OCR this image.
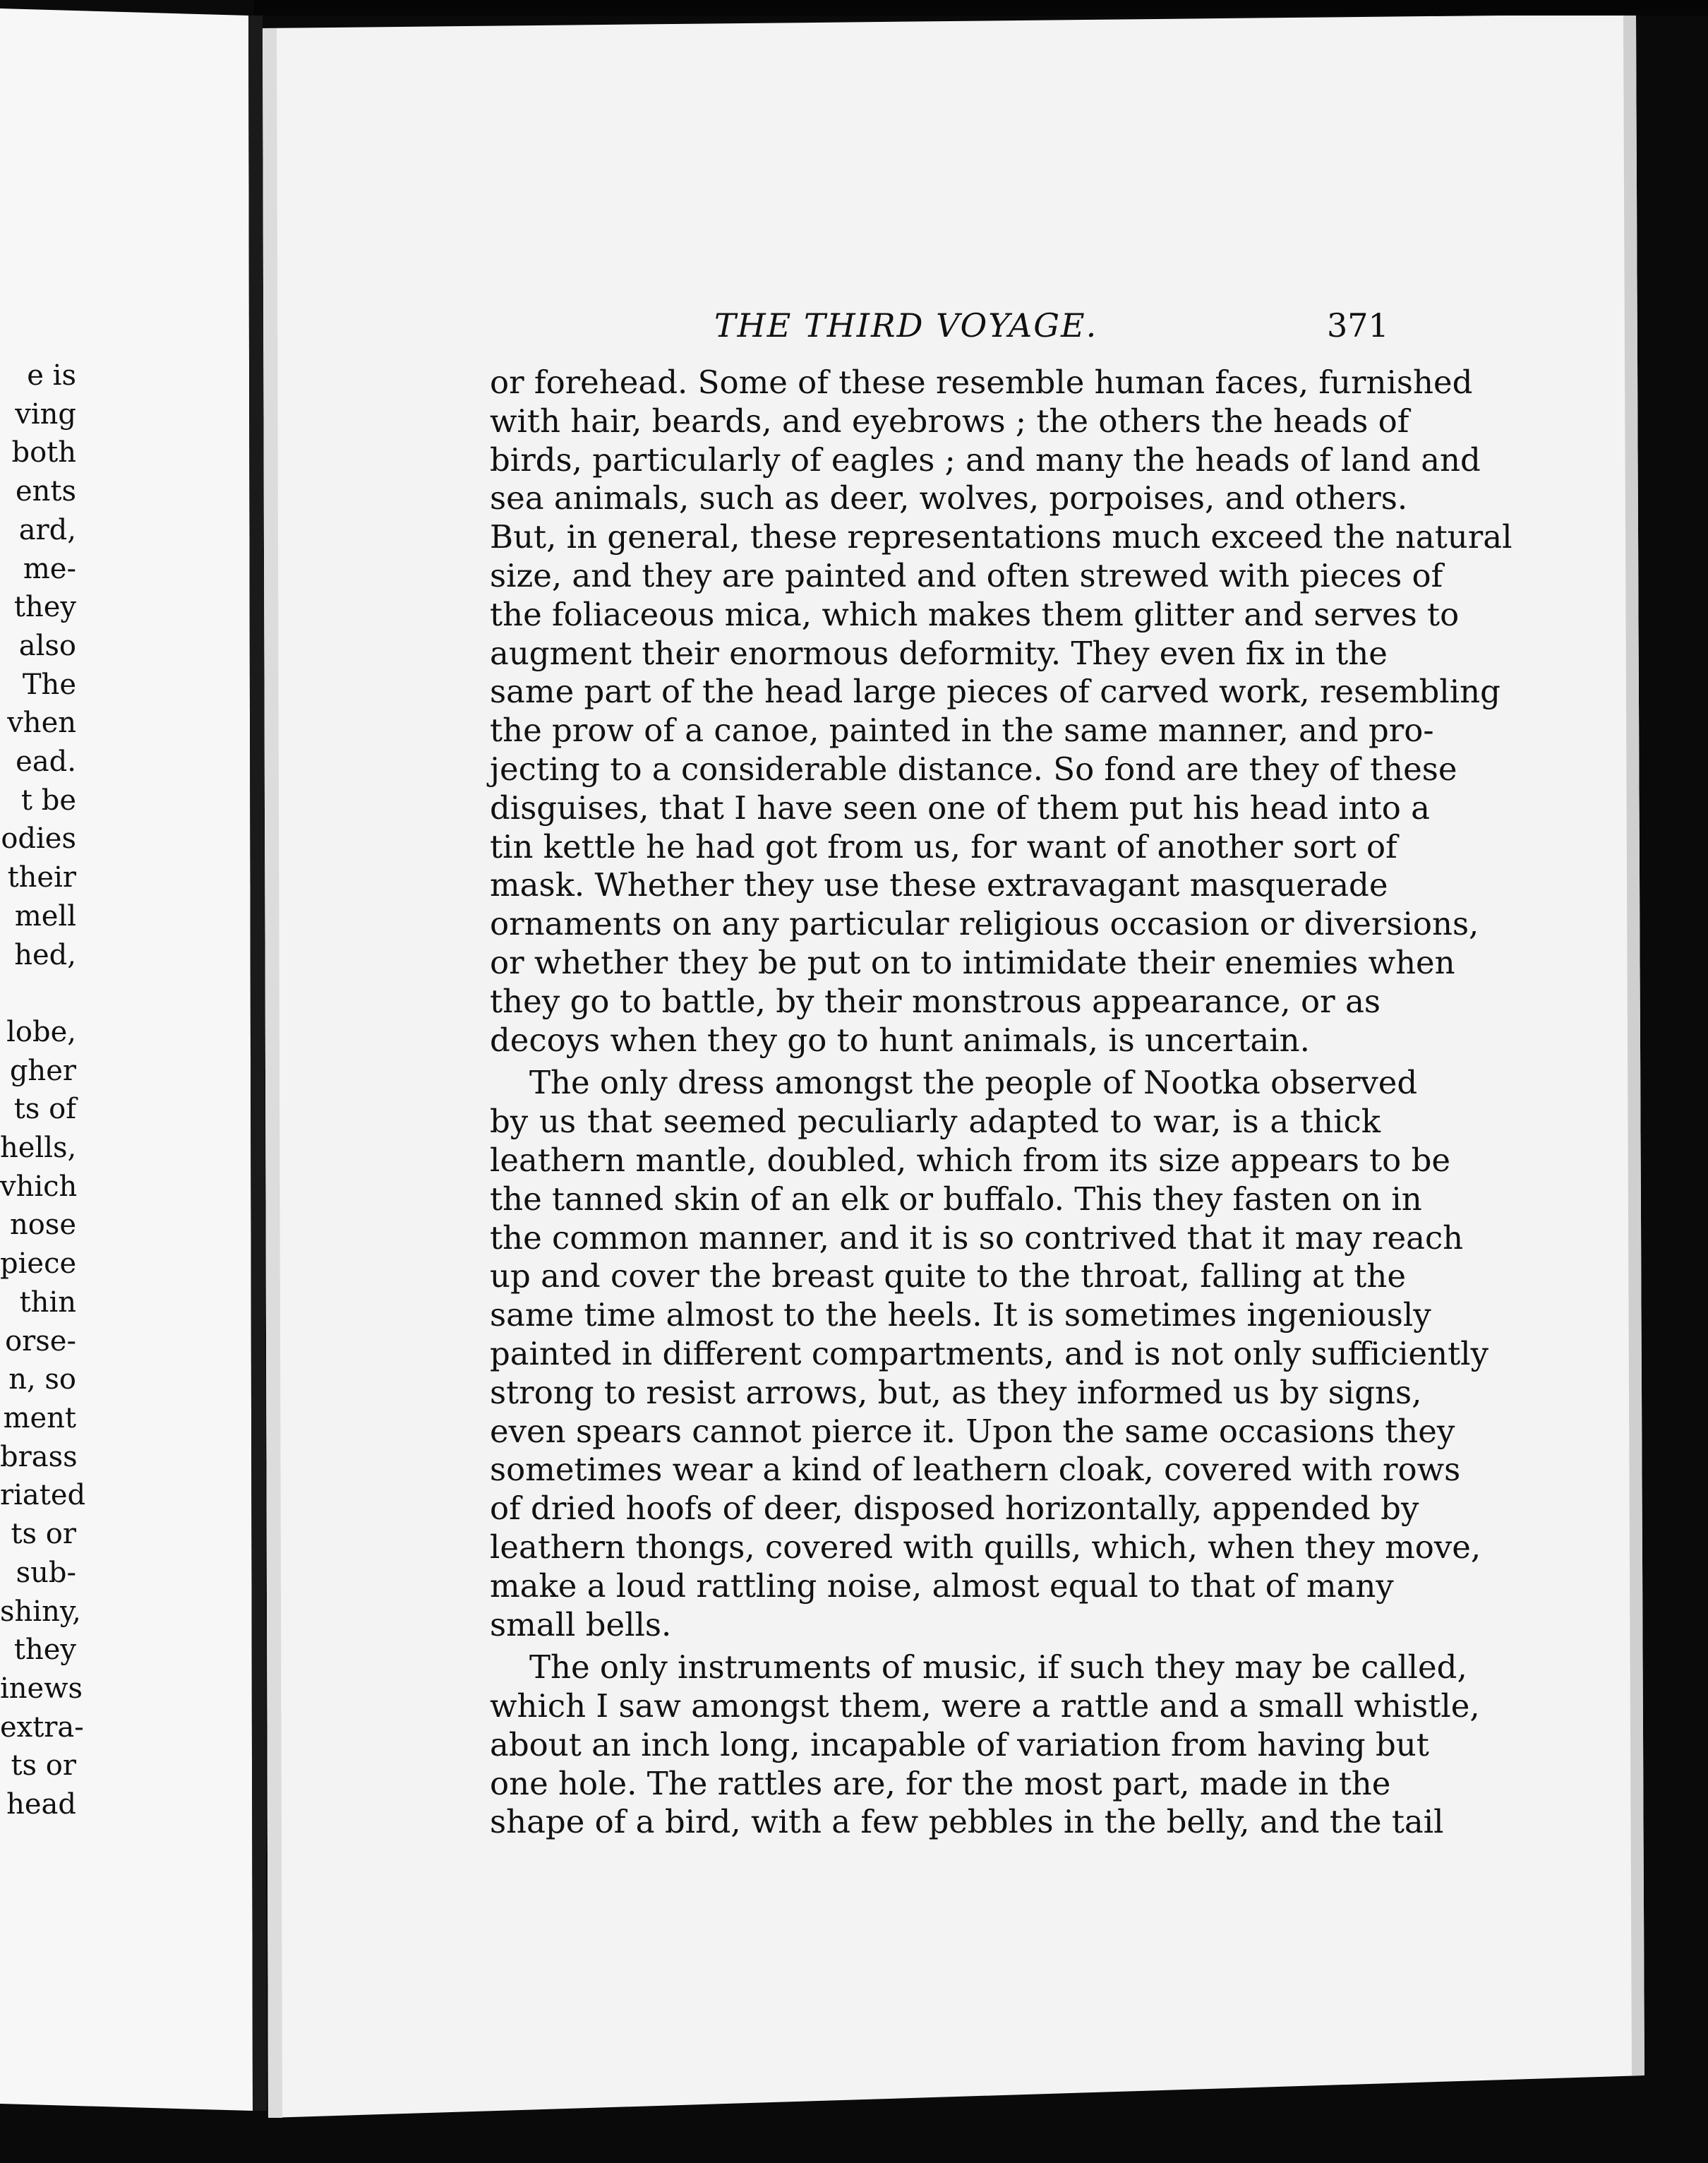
e is
ving
both
ents
ard,
me-
they
also
The
vhen
ead.
t be
odies
their
mell
hed,

lobe,
gher
ts of
hells,
vhich
nose
piece
thin
orse-
n, so
ment
brass
riated
ts or
sub-
shiny,
they
inews
extra-
ts or
head
THE THIRD VOYAGE.	371
or forehead. Some of these resemble human faces, furnished
with hair, beards, and eyebrows ; the others the heads of
birds, particularly of eagles ; and many the heads of land and
sea animals, such as deer, wolves, porpoises, and others.
But, in general, these representations much exceed the natural
size, and they are painted and often strewed with pieces of
the foliaceous mica, which makes them glitter and serves to
augment their enormous deformity. They even fix in the
same part of the head large pieces of carved work, resembling
the prow of a canoe, painted in the same manner, and pro-
jecting to a considerable distance. So fond are they of these
disguises, that I have seen one of them put his head into a
tin kettle he had got from us, for want of another sort of
mask. Whether they use these extravagant masquerade
ornaments on any particular religious occasion or diversions,
or whether they be put on to intimidate their enemies when
they go to battle, by their monstrous appearance, or as
decoys when they go to hunt animals, is uncertain.
The only dress amongst the people of Nootka observed
by us that seemed peculiarly adapted to war, is a thick
leathern mantle, doubled, which from its size appears to be
the tanned skin of an elk or buffalo. This they fasten on in
the common manner, and it is so contrived that it may reach
up and cover the breast quite to the throat, falling at the
same time almost to the heels. It is sometimes ingeniously
painted in different compartments, and is not only sufficiently
strong to resist arrows, but, as they informed us by signs,
even spears cannot pierce it. Upon the same occasions they
sometimes wear a kind of leathern cloak, covered with rows
of dried hoofs of deer, disposed horizontally, appended by
leathern thongs, covered with quills, which, when they move,
make a loud rattling noise, almost equal to that of many
small bells.
The only instruments of music, if such they may be called,
which I saw amongst them, were a rattle and a small whistle,
about an inch long, incapable of variation from having but
one hole. The rattles are, for the most part, made in the
shape of a bird, with a few pebbles in the belly, and the tail
